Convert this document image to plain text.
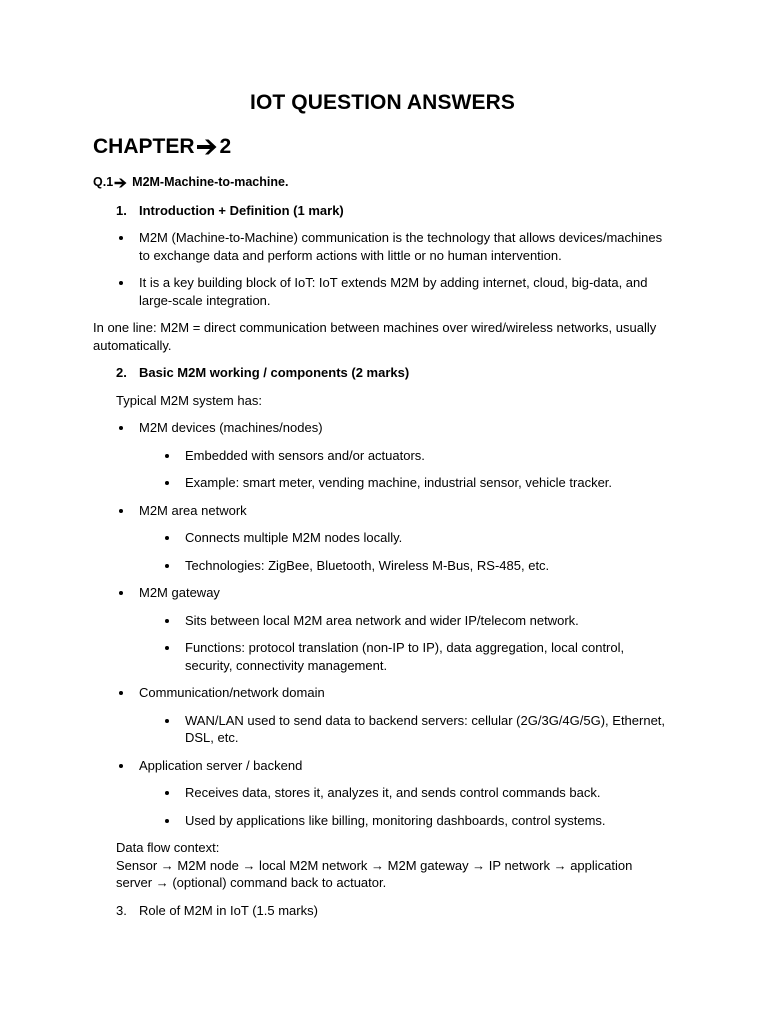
IOT QUESTION ANSWERS
CHAPTER 2
Q.1 M2M-Machine-to-machine.
1. Introduction + Definition (1 mark)
M2M (Machine-to-Machine) communication is the technology that allows devices/machines to exchange data and perform actions with little or no human intervention.
It is a key building block of IoT: IoT extends M2M by adding internet, cloud, big-data, and large-scale integration.

In one line: M2M = direct communication between machines over wired/wireless networks, usually automatically.

2. Basic M2M working / components (2 marks)

Typical M2M system has:

M2M devices (machines/nodes)
Embedded with sensors and/or actuators.
Example: smart meter, vending machine, industrial sensor, vehicle tracker.
M2M area network
Connects multiple M2M nodes locally.
Technologies: ZigBee, Bluetooth, Wireless M-Bus, RS-485, etc.
M2M gateway
Sits between local M2M area network and wider IP/telecom network.
Functions: protocol translation (non-IP to IP), data aggregation, local control, security, connectivity management.
Communication/network domain
WAN/LAN used to send data to backend servers: cellular (2G/3G/4G/5G), Ethernet, DSL, etc.
Application server / backend
Receives data, stores it, analyzes it, and sends control commands back.
Used by applications like billing, monitoring dashboards, control systems.
Data flow context:
Sensor → M2M node → local M2M network → M2M gateway → IP network → application server → (optional) command back to actuator.
3. Role of M2M in IoT (1.5 marks)
